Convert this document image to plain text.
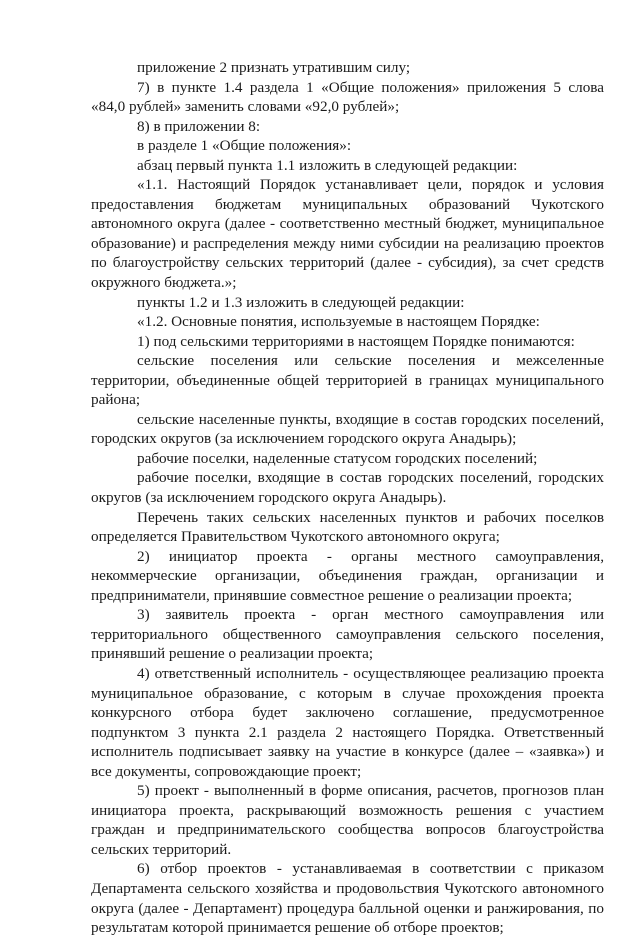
приложение 2 признать утратившим силу;

7) в пункте 1.4 раздела 1 «Общие положения» приложения 5 слова «84,0 рублей» заменить словами «92,0 рублей»;

8) в приложении 8:

в разделе 1 «Общие положения»:

абзац первый пункта 1.1 изложить в следующей редакции:

«1.1. Настоящий Порядок устанавливает цели, порядок и условия предоставления бюджетам муниципальных образований Чукотского автономного округа (далее - соответственно местный бюджет, муниципальное образование) и распределения между ними субсидии на реализацию проектов по благоустройству сельских территорий (далее - субсидия), за счет средств окружного бюджета.»;

пункты 1.2 и 1.3 изложить в следующей редакции:

«1.2. Основные понятия, используемые в настоящем Порядке:

1) под сельскими территориями в настоящем Порядке понимаются:

сельские поселения или сельские поселения и межселенные территории, объединенные общей территорией в границах муниципального района;

сельские населенные пункты, входящие в состав городских поселений, городских округов (за исключением городского округа Анадырь);

рабочие поселки, наделенные статусом городских поселений;

рабочие поселки, входящие в состав городских поселений, городских округов (за исключением городского округа Анадырь).

Перечень таких сельских населенных пунктов и рабочих поселков определяется Правительством Чукотского автономного округа;

2) инициатор проекта - органы местного самоуправления, некоммерческие организации, объединения граждан, организации и предприниматели, принявшие совместное решение о реализации проекта;

3) заявитель проекта - орган местного самоуправления или территориального общественного самоуправления сельского поселения, принявший решение о реализации проекта;

4) ответственный исполнитель - осуществляющее реализацию проекта муниципальное образование, с которым в случае прохождения проекта конкурсного отбора будет заключено соглашение, предусмотренное подпунктом 3 пункта 2.1 раздела 2 настоящего Порядка. Ответственный исполнитель подписывает заявку на участие в конкурсе (далее – «заявка») и все документы, сопровождающие проект;

5) проект - выполненный в форме описания, расчетов, прогнозов план инициатора проекта, раскрывающий возможность решения с участием граждан и предпринимательского сообщества вопросов благоустройства сельских территорий.

6) отбор проектов - устанавливаемая в соответствии с приказом Департамента сельского хозяйства и продовольствия Чукотского автономного округа (далее - Департамент) процедура балльной оценки и ранжирования, по результатам которой принимается решение об отборе проектов;
